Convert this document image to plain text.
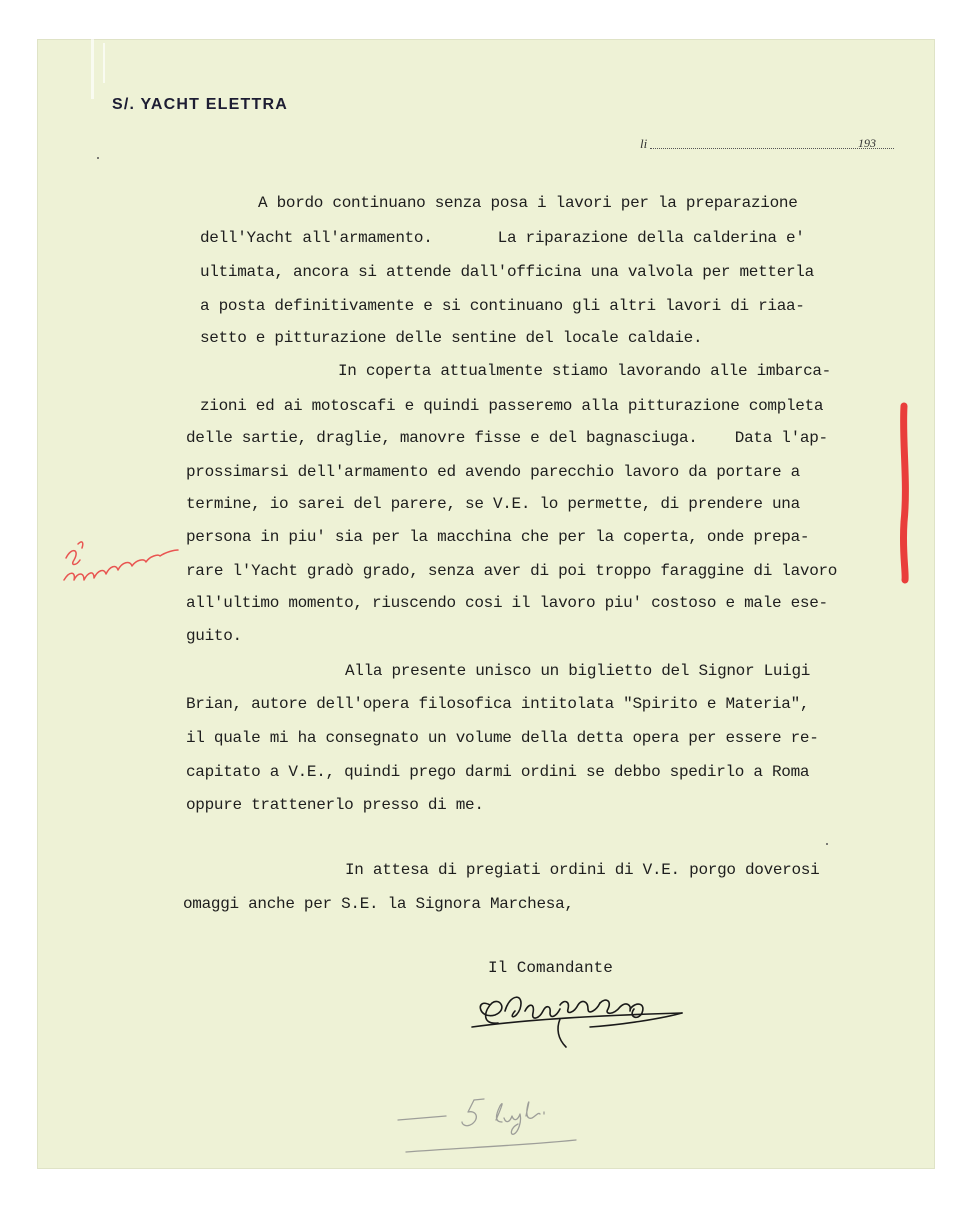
S/. YACHT ELETTRA
li	193

A bordo continuano senza posa i lavori per la preparazione

dell'Yacht all'armamento.       La riparazione della calderina e'

ultimata, ancora si attende dall'officina una valvola per metterla

a posta definitivamente e si continuano gli altri lavori di riaa-

setto e pitturazione delle sentine del locale caldaie.

In coperta attualmente stiamo lavorando alle imbarca-

zioni ed ai motoscafi e quindi passeremo alla pitturazione completa

delle sartie, draglie, manovre fisse e del bagnasciuga.    Data l'ap-

prossimarsi dell'armamento ed avendo parecchio lavoro da portare a

termine, io sarei del parere, se V.E. lo permette, di prendere una

persona in piu' sia per la macchina che per la coperta, onde prepa-

rare l'Yacht gradò grado, senza aver di poi troppo faraggine di lavoro

all'ultimo momento, riuscendo cosi il lavoro piu' costoso e male ese-

guito.

Alla presente unisco un biglietto del Signor Luigi

Brian, autore dell'opera filosofica intitolata "Spirito e Materia",

il quale mi ha consegnato un volume della detta opera per essere re-

capitato a V.E., quindi prego darmi ordini se debbo spedirlo a Roma

oppure trattenerlo presso di me.

In attesa di pregiati ordini di V.E. porgo doverosi

omaggi anche per S.E. la Signora Marchesa,

Il Comandante
